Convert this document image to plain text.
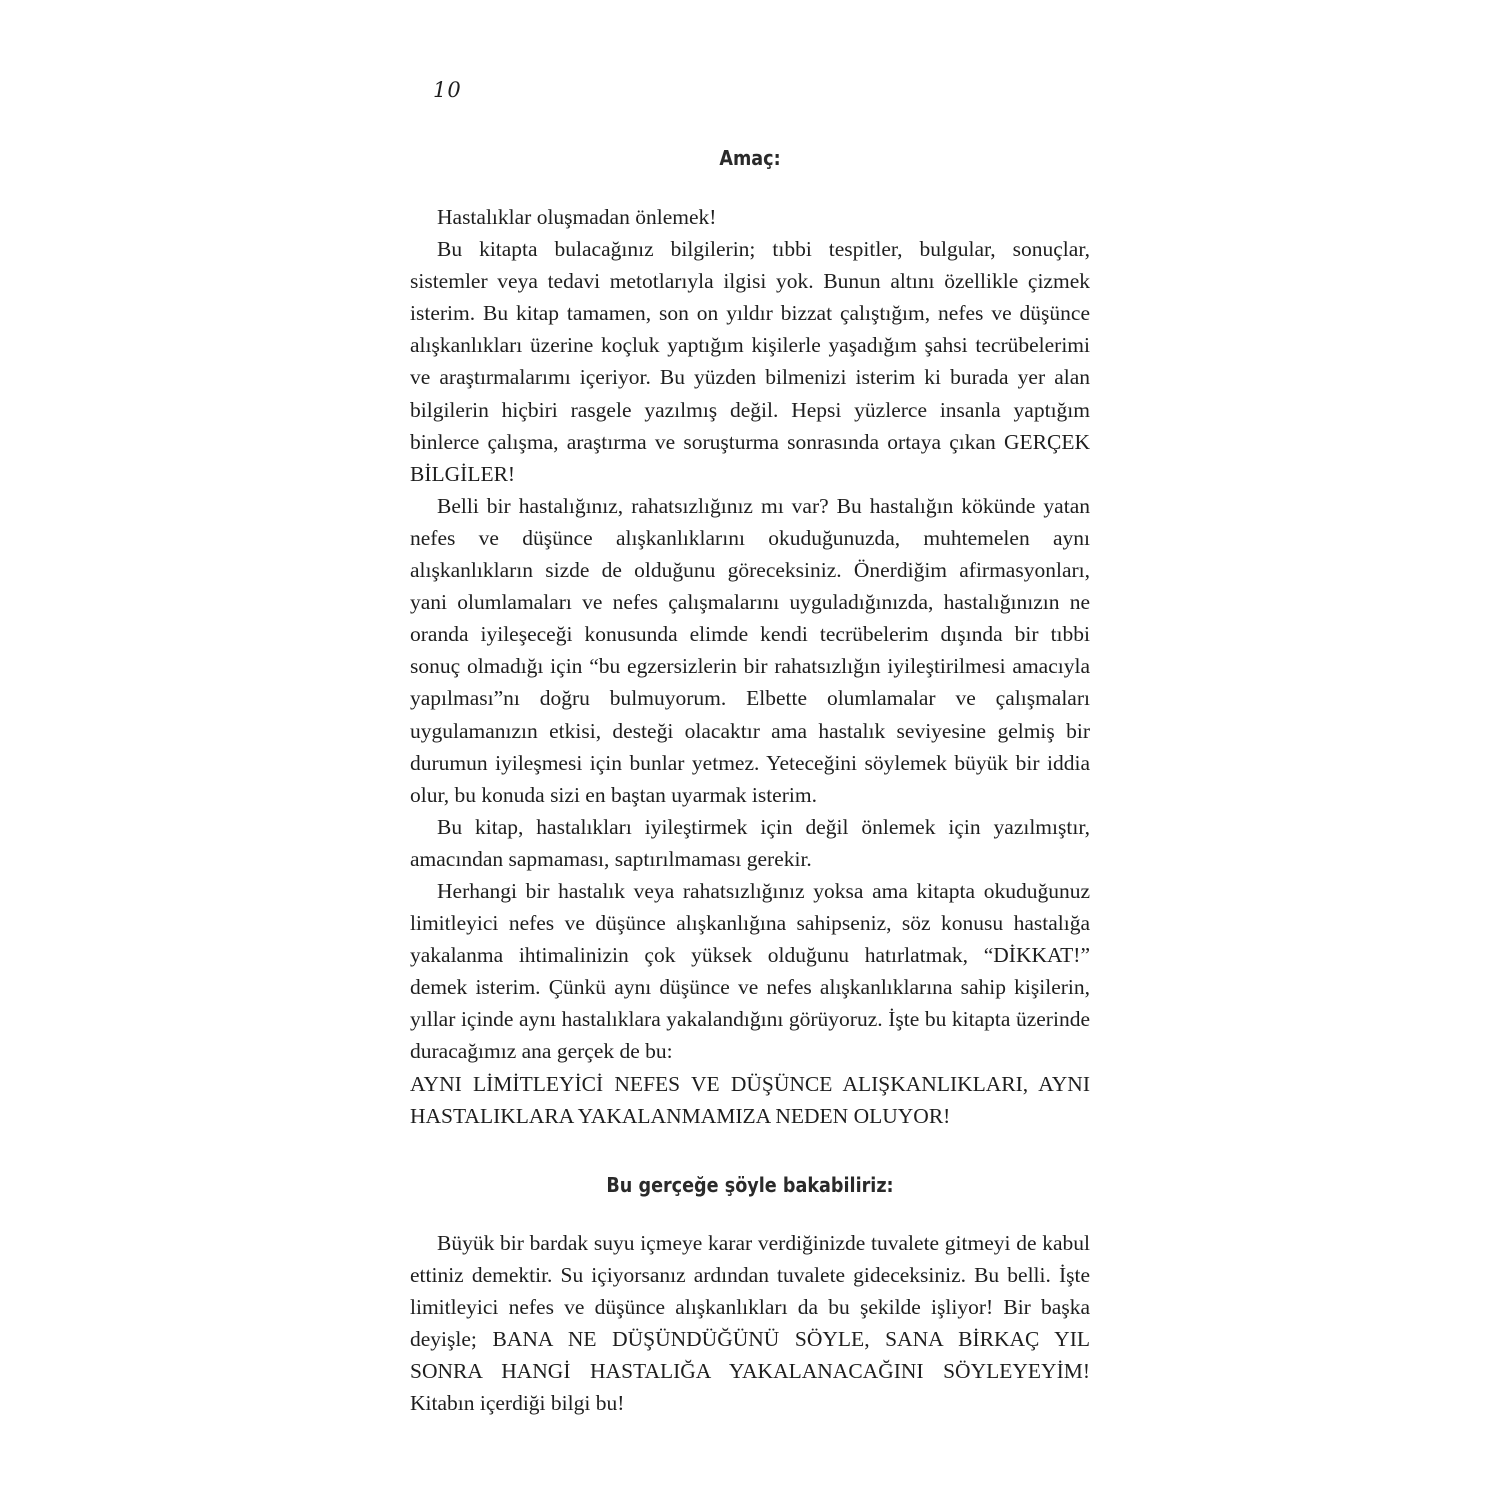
10

Amaç:

Hastalıklar oluşmadan önlemek!

Bu kitapta bulacağınız bilgilerin; tıbbi tespitler, bulgular, sonuçlar, sistemler veya tedavi metotlarıyla ilgisi yok. Bunun altını özellikle çizmek isterim. Bu kitap tamamen, son on yıldır bizzat çalıştığım, nefes ve düşünce alışkanlıkları üzerine koçluk yaptığım kişilerle yaşadığım şahsi tecrübelerimi ve araştırmalarımı içeriyor. Bu yüzden bilmenizi isterim ki burada yer alan bilgilerin hiçbiri rasgele yazılmış değil. Hepsi yüzlerce insanla yaptığım binlerce çalışma, araştırma ve soruşturma sonrasında ortaya çıkan GERÇEK BİLGİLER!

Belli bir hastalığınız, rahatsızlığınız mı var? Bu hastalığın kökünde yatan nefes ve düşünce alışkanlıklarını okuduğunuzda, muhtemelen aynı alışkanlıkların sizde de olduğunu göreceksiniz. Önerdiğim afirmasyonları, yani olumlamaları ve nefes çalışmalarını uyguladığınızda, hastalığınızın ne oranda iyileşeceği konusunda elimde kendi tecrübelerim dışında bir tıbbi sonuç olmadığı için “bu egzersizlerin bir rahatsızlığın iyileştirilmesi amacıyla yapılması”nı doğru bulmuyorum. Elbette olumlamalar ve çalışmaları uygulamanızın etkisi, desteği olacaktır ama hastalık seviyesine gelmiş bir durumun iyileşmesi için bunlar yetmez. Yeteceğini söylemek büyük bir iddia olur, bu konuda sizi en baştan uyarmak isterim.

Bu kitap, hastalıkları iyileştirmek için değil önlemek için yazılmıştır, amacından sapmaması, saptırılmaması gerekir.

Herhangi bir hastalık veya rahatsızlığınız yoksa ama kitapta okuduğunuz limitleyici nefes ve düşünce alışkanlığına sahipseniz, söz konusu hastalığa yakalanma ihtimalinizin çok yüksek olduğunu hatırlatmak, “DİKKAT!” demek isterim. Çünkü aynı düşünce ve nefes alışkanlıklarına sahip kişilerin, yıllar içinde aynı hastalıklara yakalandığını görüyoruz. İşte bu kitapta üzerinde duracağımız ana gerçek de bu:

AYNI LİMİTLEYİCİ NEFES VE DÜŞÜNCE ALIŞKANLIKLARI, AYNI HASTALIKLARA YAKALANMAMIZA NEDEN OLUYOR!

Bu gerçeğe şöyle bakabiliriz:

Büyük bir bardak suyu içmeye karar verdiğinizde tuvalete gitmeyi de kabul ettiniz demektir. Su içiyorsanız ardından tuvalete gideceksiniz. Bu belli. İşte limitleyici nefes ve düşünce alışkanlıkları da bu şekilde işliyor! Bir başka deyişle; BANA NE DÜŞÜNDÜĞÜNÜ SÖYLE, SANA BİRKAÇ YIL SONRA HANGİ HASTALIĞA YAKALANACAĞINI SÖYLEYEYİM! Kitabın içerdiği bilgi bu!
